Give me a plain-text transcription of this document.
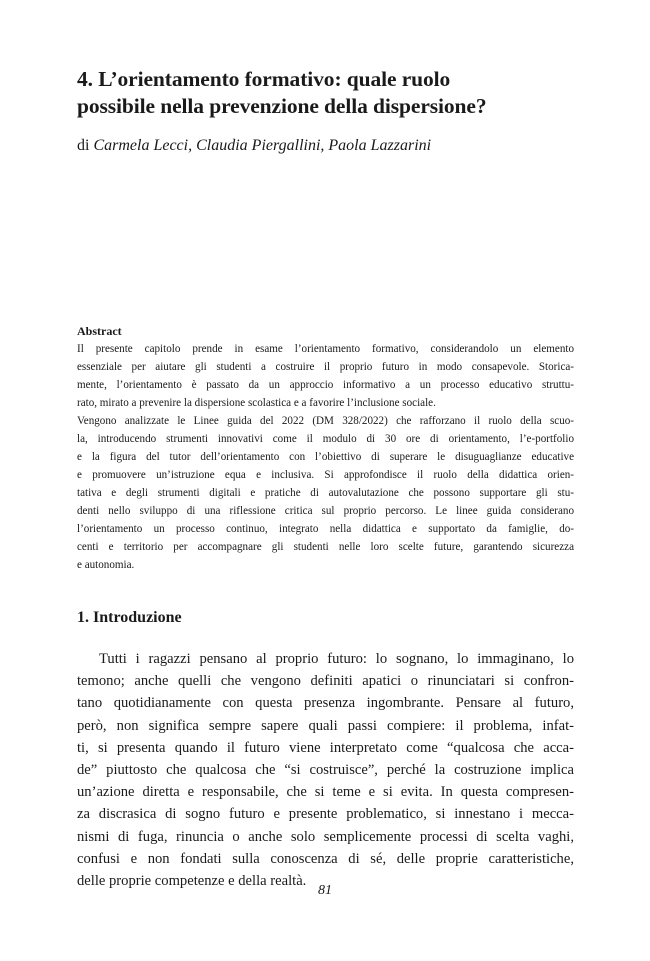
4. L’orientamento formativo: quale ruolo
possibile nella prevenzione della dispersione?
di Carmela Lecci, Claudia Piergallini, Paola Lazzarini
Abstract

Il presente capitolo prende in esame l’orientamento formativo, considerandolo un elemento
essenziale per aiutare gli studenti a costruire il proprio futuro in modo consapevole. Storica-
mente, l’orientamento è passato da un approccio informativo a un processo educativo struttu-
rato, mirato a prevenire la dispersione scolastica e a favorire l’inclusione sociale.
Vengono analizzate le Linee guida del 2022 (DM 328/2022) che rafforzano il ruolo della scuo-
la, introducendo strumenti innovativi come il modulo di 30 ore di orientamento, l’e-portfolio
e la figura del tutor dell’orientamento con l’obiettivo di superare le disuguaglianze educative
e promuovere un’istruzione equa e inclusiva. Si approfondisce il ruolo della didattica orien-
tativa e degli strumenti digitali e pratiche di autovalutazione che possono supportare gli stu-
denti nello sviluppo di una riflessione critica sul proprio percorso. Le linee guida considerano
l’orientamento un processo continuo, integrato nella didattica e supportato da famiglie, do-
centi e territorio per accompagnare gli studenti nelle loro scelte future, garantendo sicurezza
e autonomia.

1. Introduzione
Tutti i ragazzi pensano al proprio futuro: lo sognano, lo immaginano, lo
temono; anche quelli che vengono definiti apatici o rinunciatari si confron-
tano quotidianamente con questa presenza ingombrante. Pensare al futuro,
però, non significa sempre sapere quali passi compiere: il problema, infat-
ti, si presenta quando il futuro viene interpretato come “qualcosa che acca-
de” piuttosto che qualcosa che “si costruisce”, perché la costruzione implica
un’azione diretta e responsabile, che si teme e si evita. In questa compresen-
za discrasica di sogno futuro e presente problematico, si innestano i mecca-
nismi di fuga, rinuncia o anche solo semplicemente processi di scelta vaghi,
confusi e non fondati sulla conoscenza di sé, delle proprie caratteristiche,
delle proprie competenze e della realtà.
81
